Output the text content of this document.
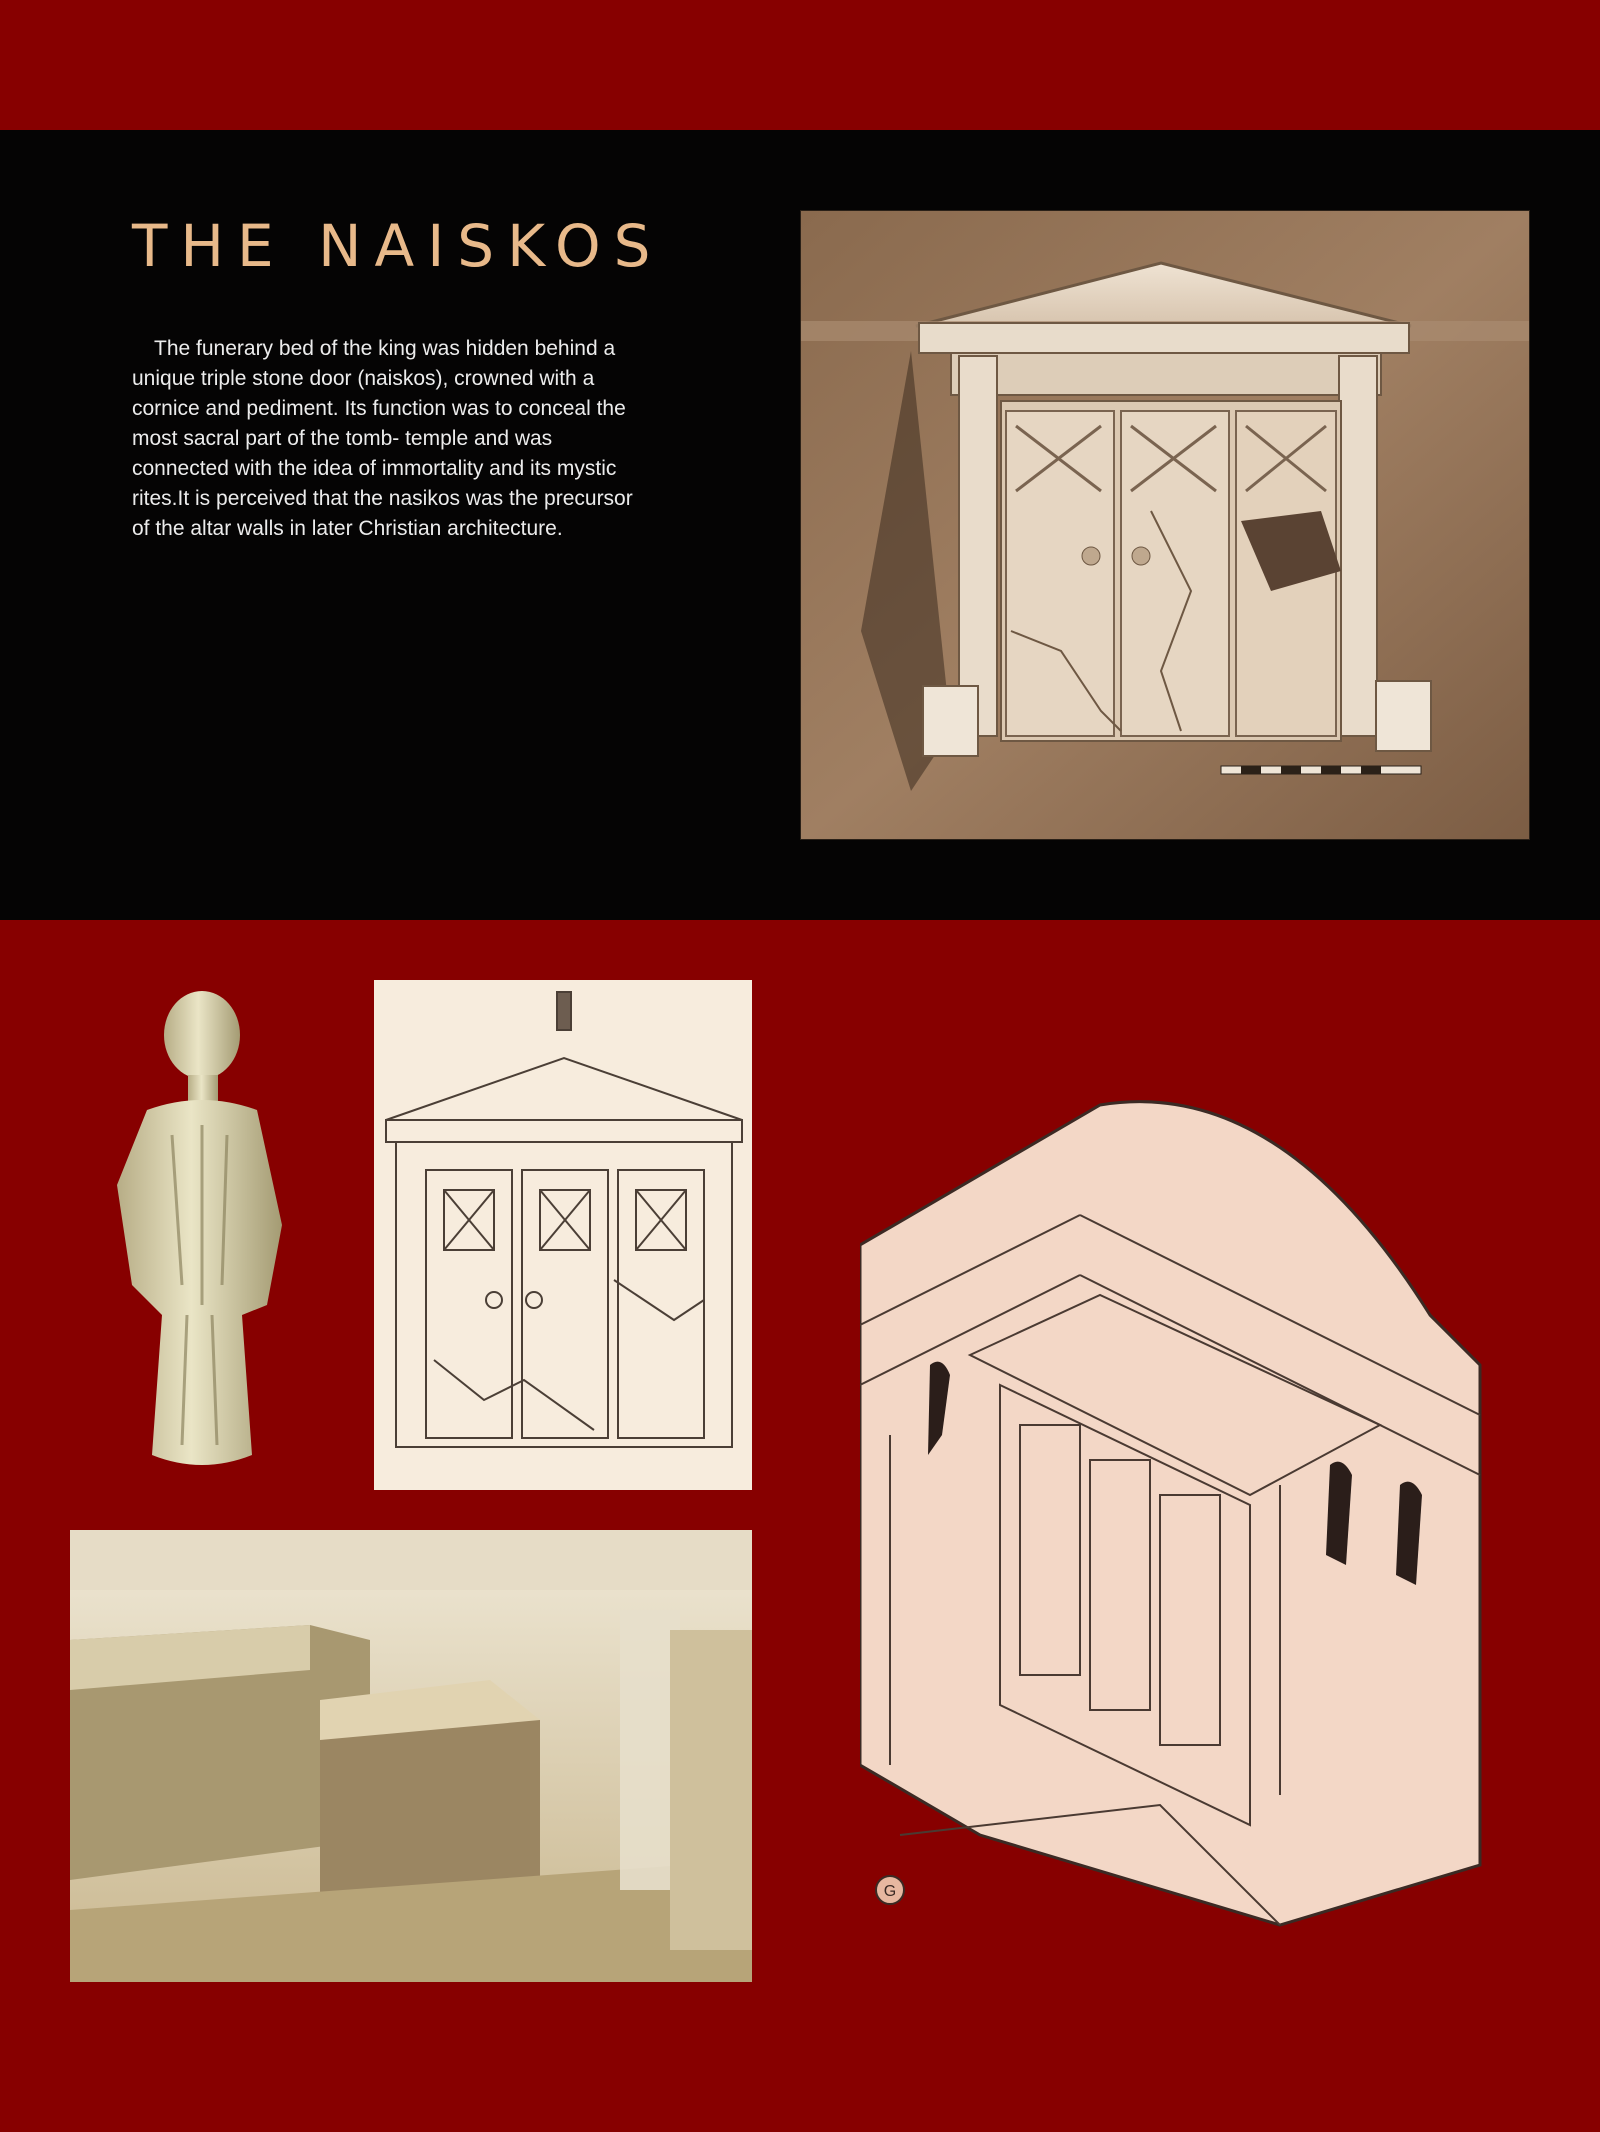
THE NAISKOS

The funerary bed of the king was hidden behind a unique triple stone door (naiskos), crowned with a cornice and pediment. Its function was to conceal the most sacral part of the tomb- temple and was connected with the idea of immortality and its mystic rites.It is perceived that the nasikos was the precursor of the altar walls in later Christian architecture.

G
